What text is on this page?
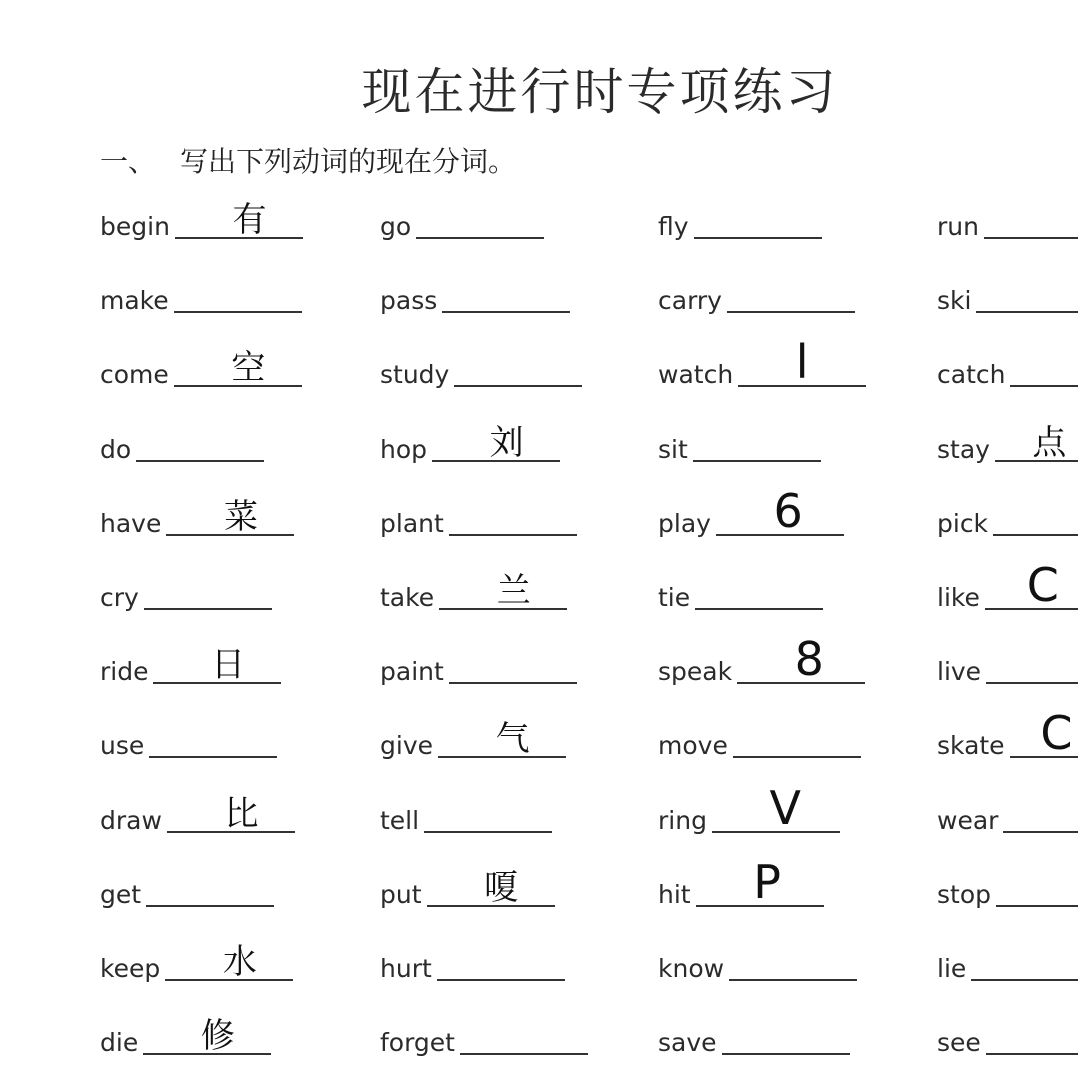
现在进行时专项练习
一、 写出下列动词的现在分词。
begin 有
make
come 空
do
have 菜
cry
ride 日
use
draw 比
get
keep 水
die 修
go
pass
study
hop 刘
plant
take 兰
paint
give 气
tell
put 嗄
hurt
forget
fly
carry
watch l
sit
play 6
tie
speak 8
move
ring V
hit P
know
save
run
ski
catch
stay 点
pick
like C
live
skate C
wear
stop
lie
see
